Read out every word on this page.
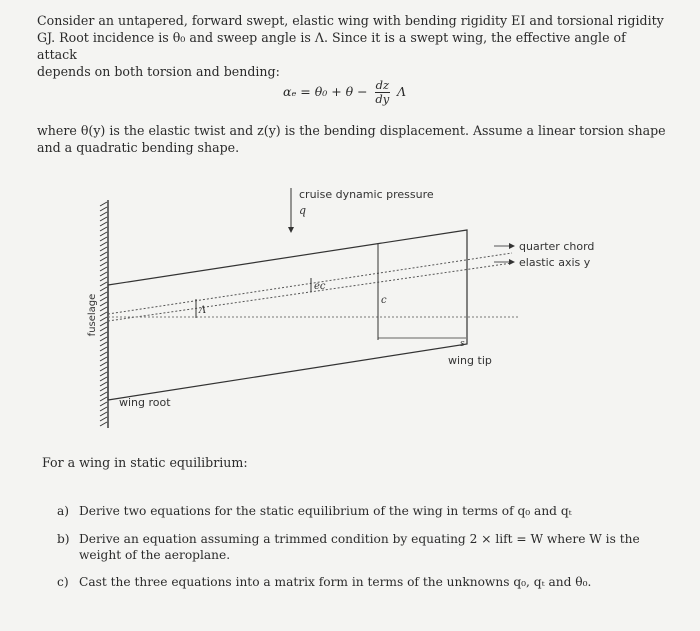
Consider an untapered, forward swept, elastic wing with bending rigidity EI and torsional rigidity
GJ. Root incidence is θ₀ and sweep angle is Λ. Since it is a swept wing, the effective angle of attack
depends on both torsion and bending:
$\alpha_e = \theta_0 + \theta - \frac{dz}{dy}$ Λ
where θ(y) is the elastic twist and z(y) is the bending displacement. Assume a linear torsion shape
and a quadratic bending shape.
fuselage
cruise dynamic pressure
q
quarter chord
elastic axis y
ec
c
s
Λ
wing tip
wing root
For a wing in static equilibrium:
a) Derive two equations for the static equilibrium of the wing in terms of q₀ and qₜ
b) Derive an equation assuming a trimmed condition by equating 2 × lift = W where W is the
weight of the aeroplane.
c) Cast the three equations into a matrix form in terms of the unknowns q₀, qₜ and θ₀.
